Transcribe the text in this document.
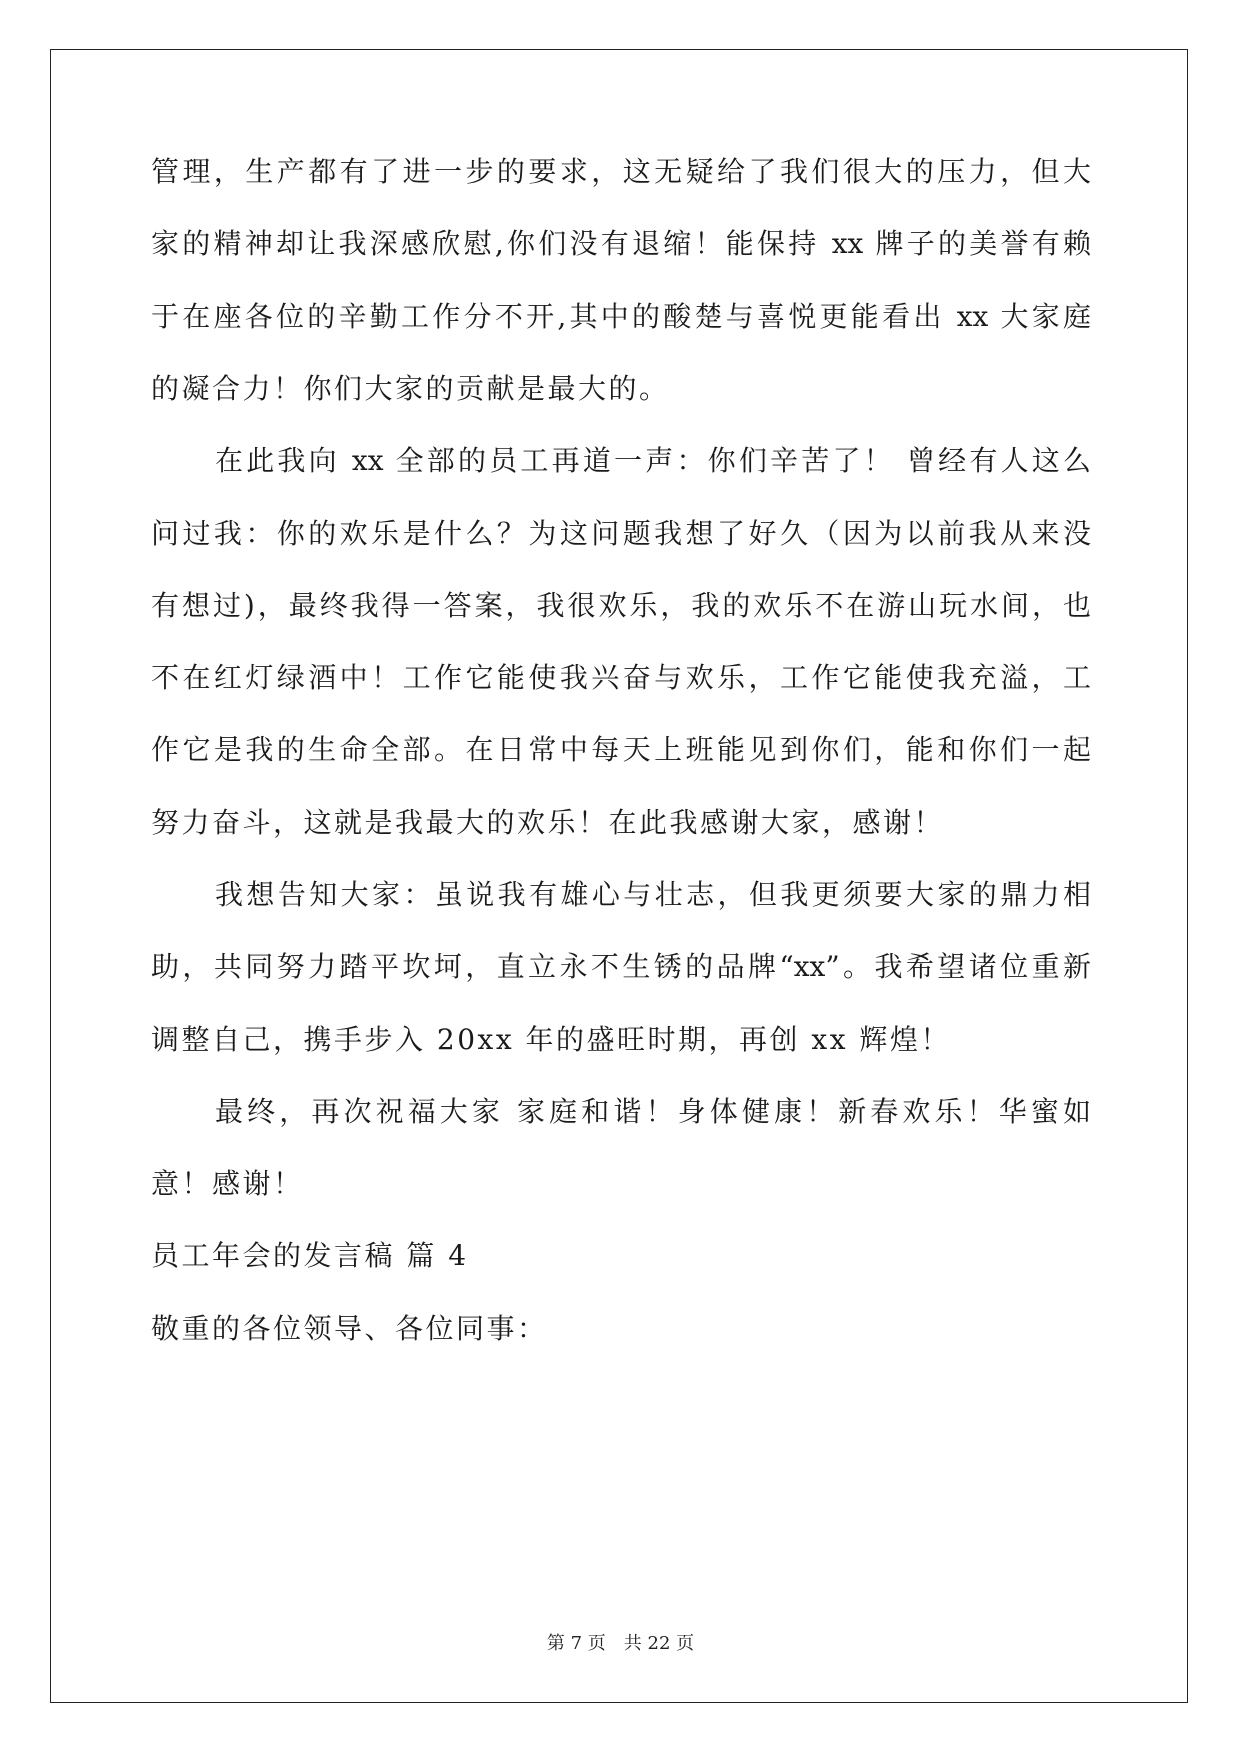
管理，生产都有了进一步的要求，这无疑给了我们很大的压力，但大
家的精神却让我深感欣慰,你们没有退缩！能保持 xx 牌子的美誉有赖
于在座各位的辛勤工作分不开,其中的酸楚与喜悦更能看出 xx 大家庭
的凝合力！你们大家的贡献是最大的。
在此我向 xx 全部的员工再道一声：你们辛苦了！ 曾经有人这么
问过我：你的欢乐是什么？为这问题我想了好久（因为以前我从来没
有想过)，最终我得一答案，我很欢乐，我的欢乐不在游山玩水间，也
不在红灯绿酒中！工作它能使我兴奋与欢乐，工作它能使我充溢，工
作它是我的生命全部。在日常中每天上班能见到你们，能和你们一起
努力奋斗，这就是我最大的欢乐！在此我感谢大家，感谢！
我想告知大家：虽说我有雄心与壮志，但我更须要大家的鼎力相
助，共同努力踏平坎坷，直立永不生锈的品牌“xx”。我希望诸位重新
调整自己，携手步入 20xx 年的盛旺时期，再创 xx 辉煌！
最终，再次祝福大家 家庭和谐！身体健康！新春欢乐！华蜜如
意！感谢！
员工年会的发言稿 篇 4
敬重的各位领导、各位同事：
第 7 页　共 22 页
